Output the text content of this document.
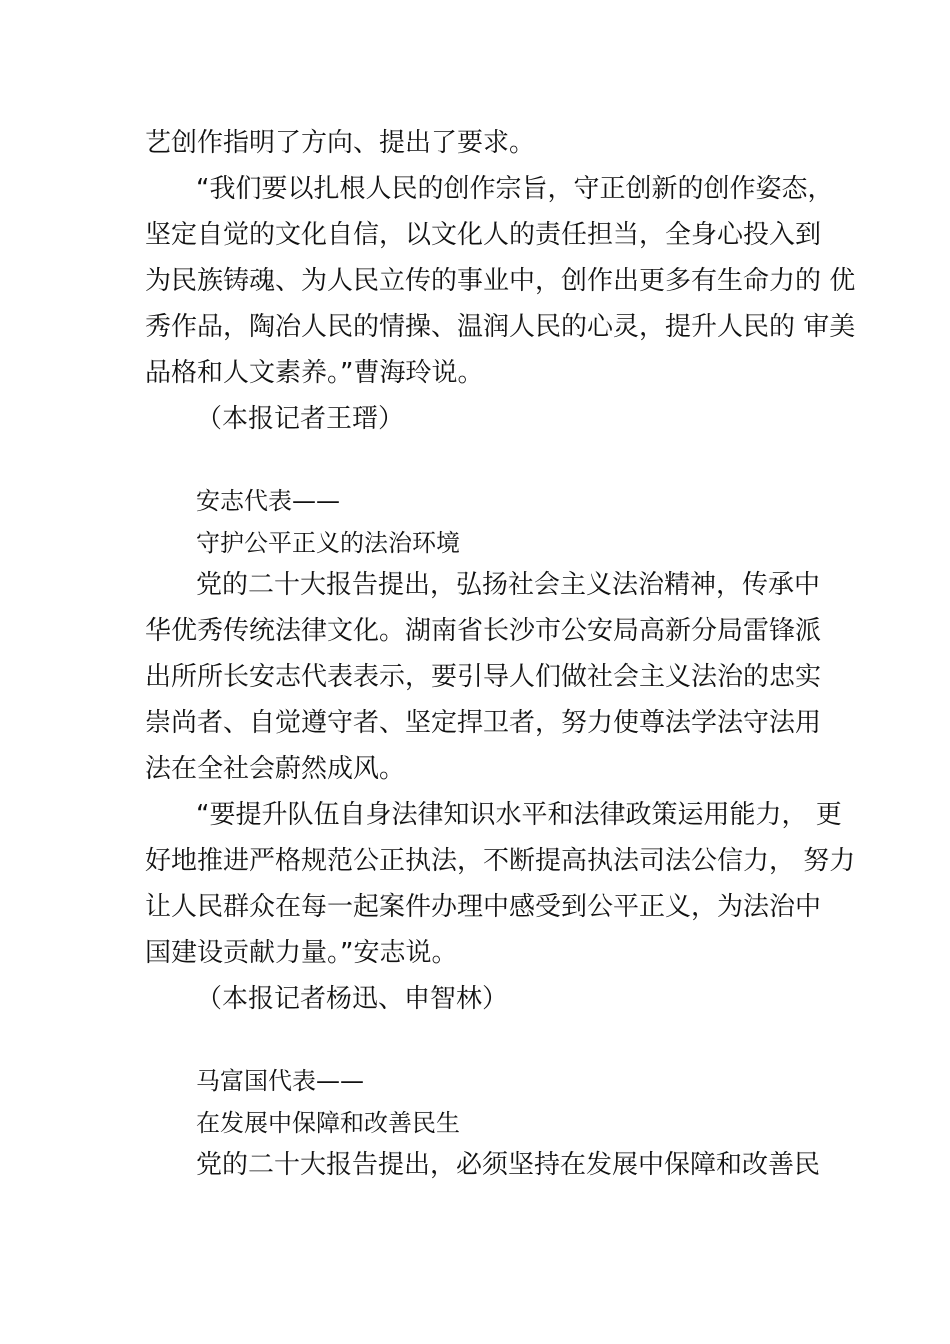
艺创作指明了方向、提出了要求。
“我们要以扎根人民的创作宗旨，守正创新的创作姿态，
坚定自觉的文化自信，以文化人的责任担当，全身心投入到
为民族铸魂、为人民立传的事业中，创作出更多有生命力的 优
秀作品，陶冶人民的情操、温润人民的心灵，提升人民的 审美
品格和人文素养。”曹海玲说。
（本报记者王瑨）
安志代表——
守护公平正义的法治环境
党的二十大报告提出，弘扬社会主义法治精神，传承中
华优秀传统法律文化。湖南省长沙市公安局高新分局雷锋派
出所所长安志代表表示，要引导人们做社会主义法治的忠实
崇尚者、自觉遵守者、坚定捍卫者，努力使尊法学法守法用
法在全社会蔚然成风。
“要提升队伍自身法律知识水平和法律政策运用能力， 更
好地推进严格规范公正执法，不断提高执法司法公信力， 努力
让人民群众在每一起案件办理中感受到公平正义，为法治中
国建设贡献力量。”安志说。
（本报记者杨迅、申智林）
马富国代表——
在发展中保障和改善民生
党的二十大报告提出，必须坚持在发展中保障和改善民
